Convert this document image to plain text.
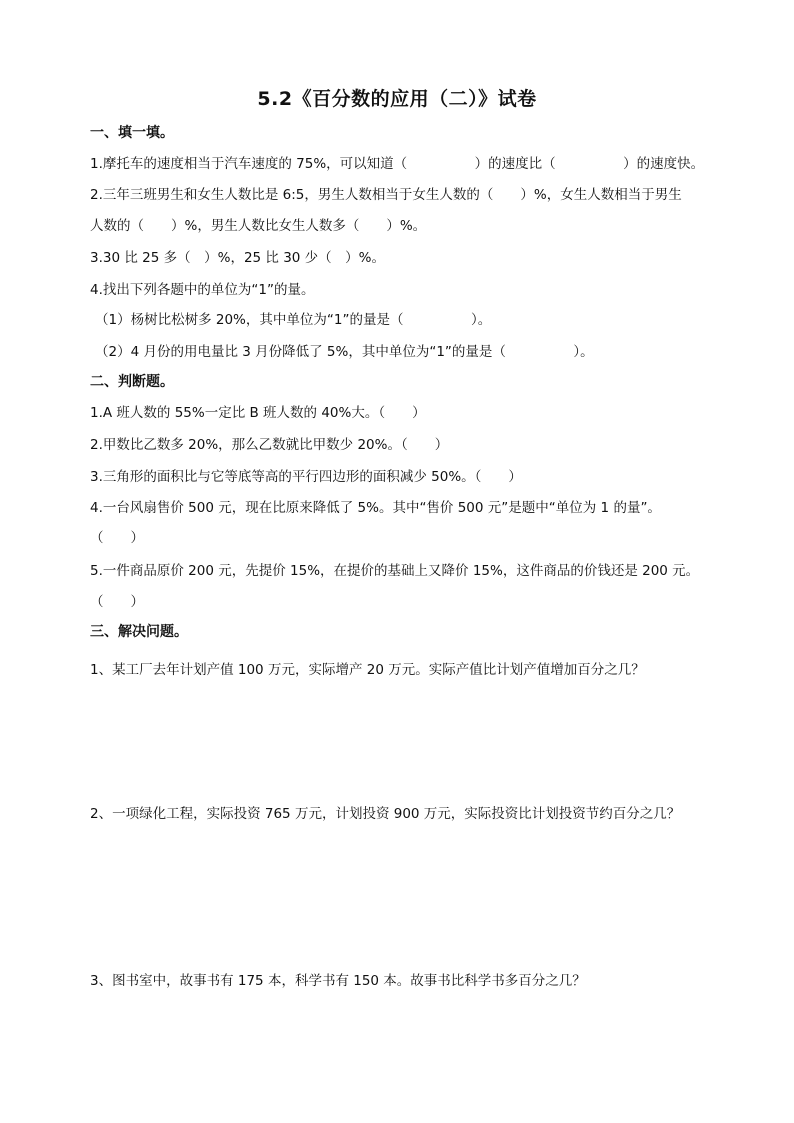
5.2《百分数的应用（二）》试卷
一、填一填。
1.摩托车的速度相当于汽车速度的 75%，可以知道（　　　　　）的速度比（　　　　　）的速度快。
2.三年三班男生和女生人数比是 6:5，男生人数相当于女生人数的（　　）%，女生人数相当于男生
人数的（　　）%，男生人数比女生人数多（　　）%。
3.30 比 25 多（　）%，25 比 30 少（　）%。
4.找出下列各题中的单位为“1”的量。
（1）杨树比松树多 20%，其中单位为“1”的量是（　　　　　）。
（2）4 月份的用电量比 3 月份降低了 5%，其中单位为“1”的量是（　　　　　）。
二、判断题。
1.A 班人数的 55%一定比 B 班人数的 40%大。（　　）
2.甲数比乙数多 20%，那么乙数就比甲数少 20%。（　　）
3.三角形的面积比与它等底等高的平行四边形的面积减少 50%。（　　）
4.一台风扇售价 500 元，现在比原来降低了 5%。其中“售价 500 元”是题中“单位为 1 的量”。
（　　）
5.一件商品原价 200 元，先提价 15%，在提价的基础上又降价 15%，这件商品的价钱还是 200 元。
（　　）
三、解决问题。
1、某工厂去年计划产值 100 万元，实际增产 20 万元。实际产值比计划产值增加百分之几？
2、一项绿化工程，实际投资 765 万元，计划投资 900 万元，实际投资比计划投资节约百分之几？
3、图书室中，故事书有 175 本，科学书有 150 本。故事书比科学书多百分之几？
